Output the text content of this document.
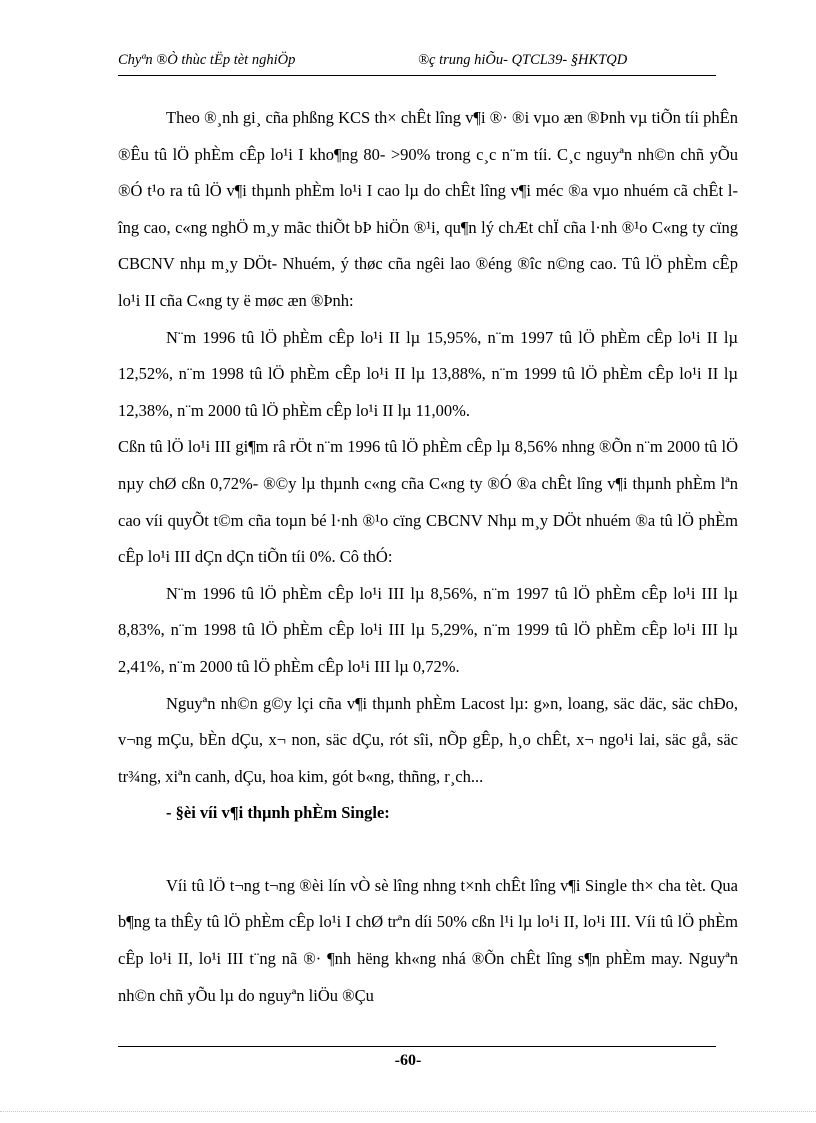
Chyªn ®Ò thùc tËp tèt nghiÖp	®ç trung hiÕu- QTCL39- §HKTQD

Theo ®¸nh gi¸ cña phßng KCS th× chÊt lîng v¶i ®· ®i vµo æn ®Þnh vµ tiÕn tíi phÊn ®Êu tû lÖ phÈm cÊp lo¹i I kho¶ng 80- >90% trong c¸c n¨m tíi. C¸c nguyªn nh©n chñ yÕu ®Ó t¹o ra tû lÖ v¶i thµnh phÈm lo¹i I cao lµ do chÊt lîng v¶i méc ®a vµo nhuém cã chÊt lîng cao, c«ng nghÖ m¸y mãc thiÕt bÞ hiÖn ®¹i, qu¶n lý chÆt chÏ cña l·nh ®¹o C«ng ty cïng CBCNV nhµ m¸y DÖt- Nhuém, ý thøc cña ngêi lao ®éng ®îc n©ng cao. Tû lÖ phÈm cÊp lo¹i II cña C«ng ty ë møc æn ®Þnh:

N¨m 1996 tû lÖ phÈm cÊp lo¹i II lµ 15,95%, n¨m 1997 tû lÖ phÈm cÊp lo¹i II lµ 12,52%, n¨m 1998 tû lÖ phÈm cÊp lo¹i II lµ 13,88%, n¨m 1999 tû lÖ phÈm cÊp lo¹i II lµ 12,38%, n¨m 2000 tû lÖ phÈm cÊp lo¹i II lµ 11,00%.

Cßn tû lÖ lo¹i III gi¶m râ rÖt n¨m 1996 tû lÖ phÈm cÊp lµ 8,56% nhng ®Õn n¨m 2000 tû lÖ nµy chØ cßn 0,72%- ®©y lµ thµnh c«ng cña C«ng ty ®Ó ®a chÊt lîng v¶i thµnh phÈm lªn cao víi quyÕt t©m cña toµn bé l·nh ®¹o cïng CBCNV Nhµ m¸y DÖt nhuém ®a tû lÖ phÈm cÊp lo¹i III dÇn dÇn tiÕn tíi 0%. Cô thÓ:

N¨m 1996 tû lÖ phÈm cÊp lo¹i III lµ 8,56%, n¨m 1997 tû lÖ phÈm cÊp lo¹i III lµ 8,83%, n¨m 1998 tû lÖ phÈm cÊp lo¹i III lµ 5,29%, n¨m 1999 tû lÖ phÈm cÊp lo¹i III lµ 2,41%, n¨m 2000 tû lÖ phÈm cÊp lo¹i III lµ 0,72%.

Nguyªn nh©n g©y lçi cña v¶i thµnh phÈm Lacost lµ: g»n, loang, säc däc, säc chÐo, v¬ng mÇu, bÈn dÇu, x¬ non, säc dÇu, rót sîi, nÕp gÊp, h¸o chÊt, x¬ ngo¹i lai, säc gå, säc tr¾ng, xiªn canh, dÇu, hoa kim, gót b«ng, thñng, r¸ch...

- §èi víi v¶i thµnh phÈm Single:

Víi tû lÖ t¬ng t¬ng ®èi lín vÒ sè lîng nhng t×nh chÊt lîng v¶i Single th× cha tèt. Qua b¶ng ta thÊy tû lÖ phÈm cÊp lo¹i I chØ trªn díi 50% cßn l¹i lµ lo¹i II, lo¹i III. Víi tû lÖ phÈm cÊp lo¹i II, lo¹i III t¨ng nã ®· ¶nh hëng kh«ng nhá ®Õn chÊt lîng s¶n phÈm may. Nguyªn nh©n chñ yÕu lµ do nguyªn liÖu ®Çu

-60-
